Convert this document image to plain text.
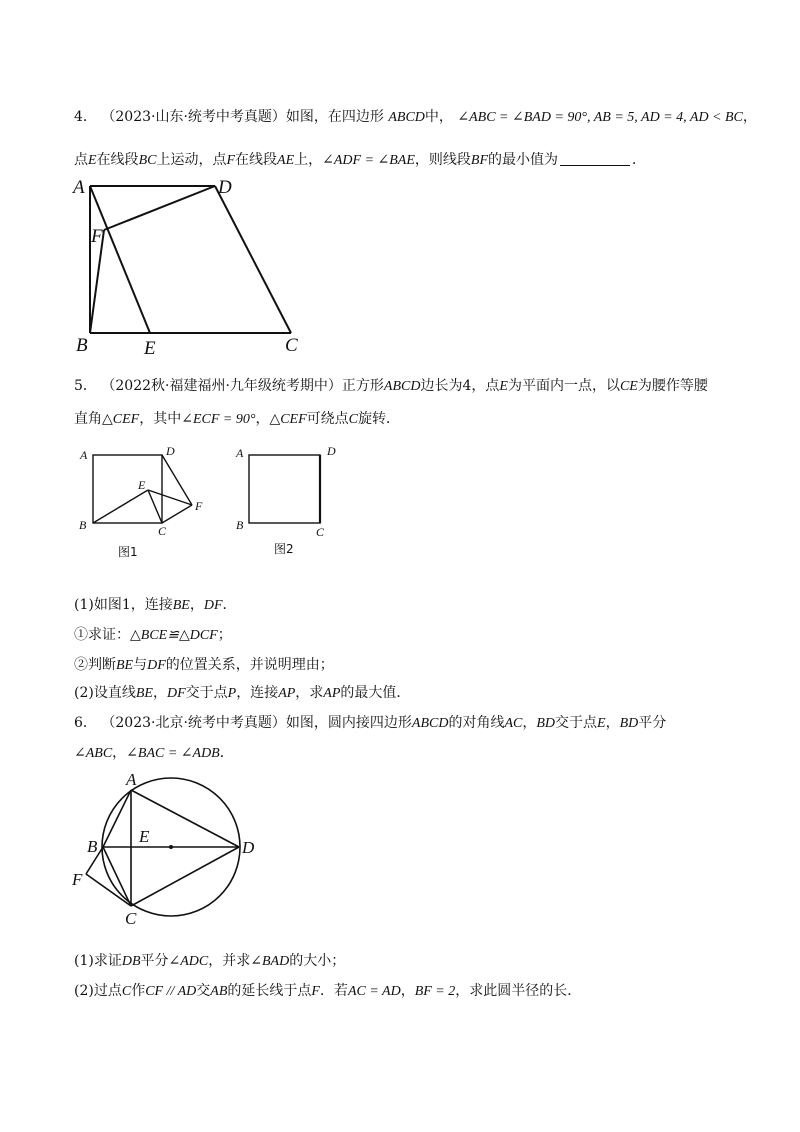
4． （2023·山东·统考中考真题）如图，在四边形 ABCD中， ∠ABC = ∠BAD = 90°, AB = 5, AD = 4, AD < BC，
点E在线段BC上运动，点F在线段AE上，∠ADF = ∠BAE，则线段BF的最小值为	．
A	D
F
B	E	C
5． （2022秋·福建福州·九年级统考期中）正方形ABCD边长为4，点E为平面内一点，以CE为腰作等腰
直角△CEF，其中∠ECF = 90°，△CEF可绕点C旋转．
A	D
E
F
B	C
图1
A	D
B	C
图2
(1)如图1，连接BE，DF．
①求证：△BCE≌△DCF；
②判断BE与DF的位置关系，并说明理由；
(2)设直线BE，DF交于点P，连接AP，求AP的最大值．
6． （2023·北京·统考中考真题）如图，圆内接四边形ABCD的对角线AC，BD交于点E，BD平分
∠ABC，∠BAC = ∠ADB．
A
B
E
D
F
C
(1)求证DB平分∠ADC，并求∠BAD的大小；
(2)过点C作CF // AD交AB的延长线于点F．若AC = AD，BF = 2，求此圆半径的长．
